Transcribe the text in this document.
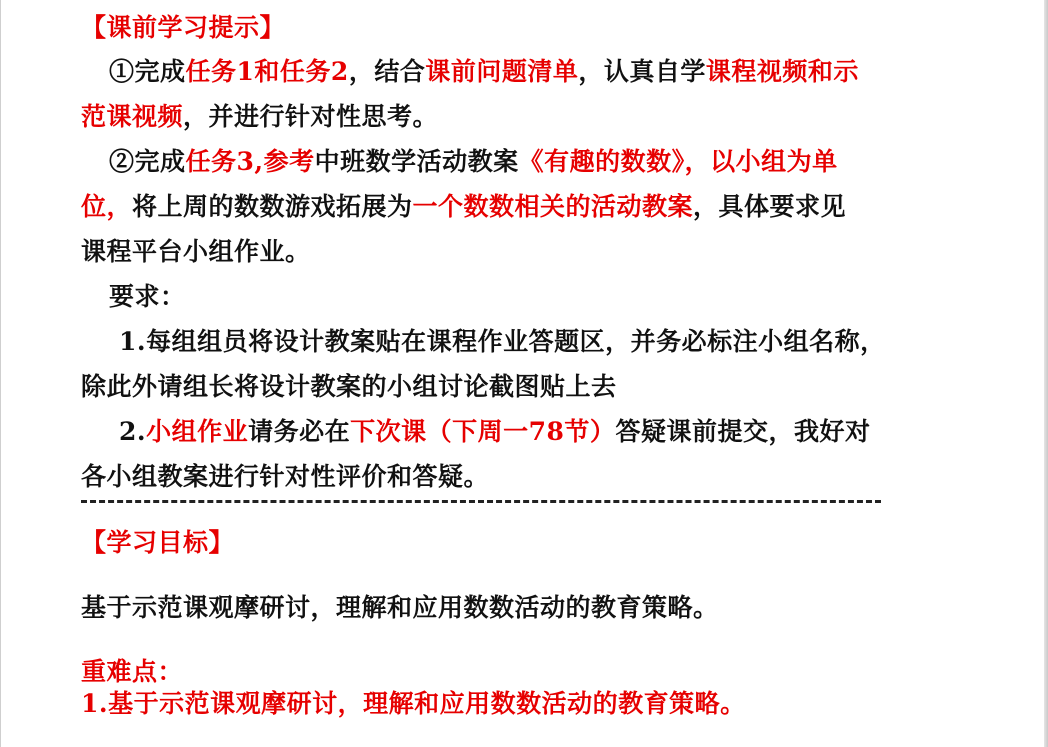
【课前学习提示】
①完成任务1和任务2，结合课前问题清单，认真自学课程视频和示
范课视频，并进行针对性思考。
②完成任务3,参考中班数学活动教案《有趣的数数》，以小组为单
位，将上周的数数游戏拓展为一个数数相关的活动教案，具体要求见
课程平台小组作业。
要求：
1.每组组员将设计教案贴在课程作业答题区，并务必标注小组名称，
除此外请组长将设计教案的小组讨论截图贴上去
2.小组作业请务必在下次课（下周一78节）答疑课前提交，我好对
各小组教案进行针对性评价和答疑。
【学习目标】
基于示范课观摩研讨，理解和应用数数活动的教育策略。
重难点：
1.基于示范课观摩研讨，理解和应用数数活动的教育策略。
